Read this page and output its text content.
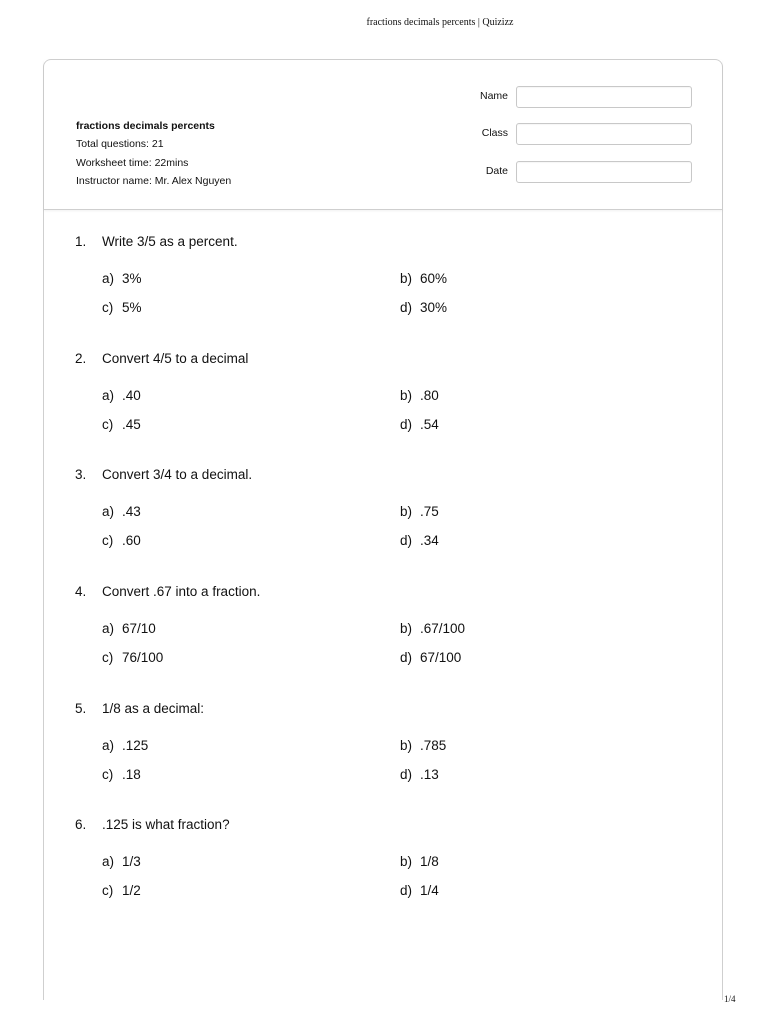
fractions decimals percents | Quizizz
fractions decimals percents
Total questions: 21
Worksheet time: 22mins
Instructor name: Mr. Alex Nguyen
Name
Class
Date
1. Write 3/5 as a percent.
a) 3%	b) 60%
c) 5%	d) 30%
2. Convert 4/5 to a decimal
a) .40	b) .80
c) .45	d) .54
3. Convert 3/4 to a decimal.
a) .43	b) .75
c) .60	d) .34
4. Convert .67 into a fraction.
a) 67/10	b) .67/100
c) 76/100	d) 67/100
5. 1/8 as a decimal:
a) .125	b) .785
c) .18	d) .13
6. .125 is what fraction?
a) 1/3	b) 1/8
c) 1/2	d) 1/4
1/4
